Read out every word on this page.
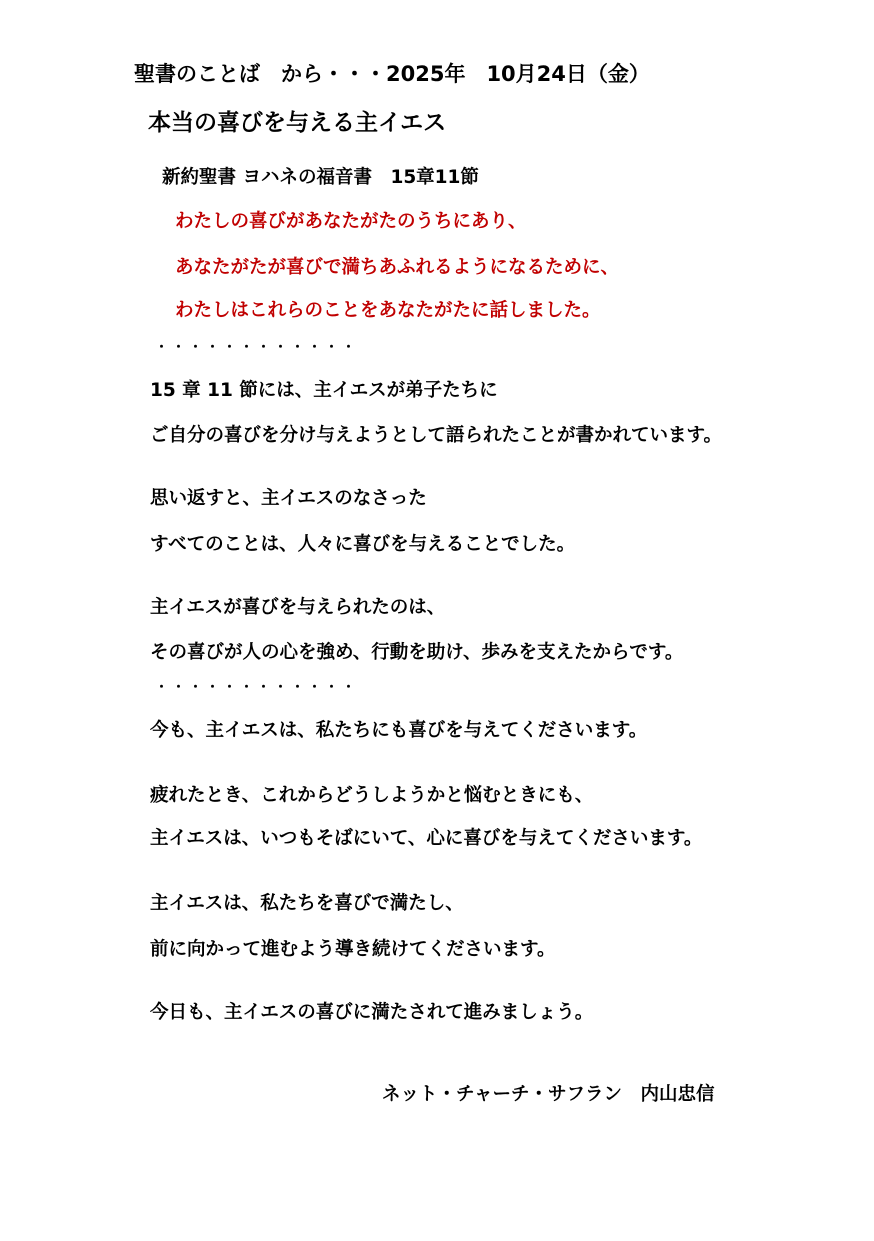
聖書のことば　から・・・2025年　10月24日（金）
本当の喜びを与える主イエス
新約聖書 ヨハネの福音書　15章11節
わたしの喜びがあなたがたのうちにあり、
あなたがたが喜びで満ちあふれるようになるために、
わたしはこれらのことをあなたがたに話しました。
・・・・・・・・・・・・
15 章 11 節には、主イエスが弟子たちに
ご自分の喜びを分け与えようとして語られたことが書かれています。
思い返すと、主イエスのなさった
すべてのことは、人々に喜びを与えることでした。
主イエスが喜びを与えられたのは、
その喜びが人の心を強め、行動を助け、歩みを支えたからです。
・・・・・・・・・・・・
今も、主イエスは、私たちにも喜びを与えてくださいます。
疲れたとき、これからどうしようかと悩むときにも、
主イエスは、いつもそばにいて、心に喜びを与えてくださいます。
主イエスは、私たちを喜びで満たし、
前に向かって進むよう導き続けてくださいます。
今日も、主イエスの喜びに満たされて進みましょう。
ネット・チャーチ・サフラン　内山忠信
